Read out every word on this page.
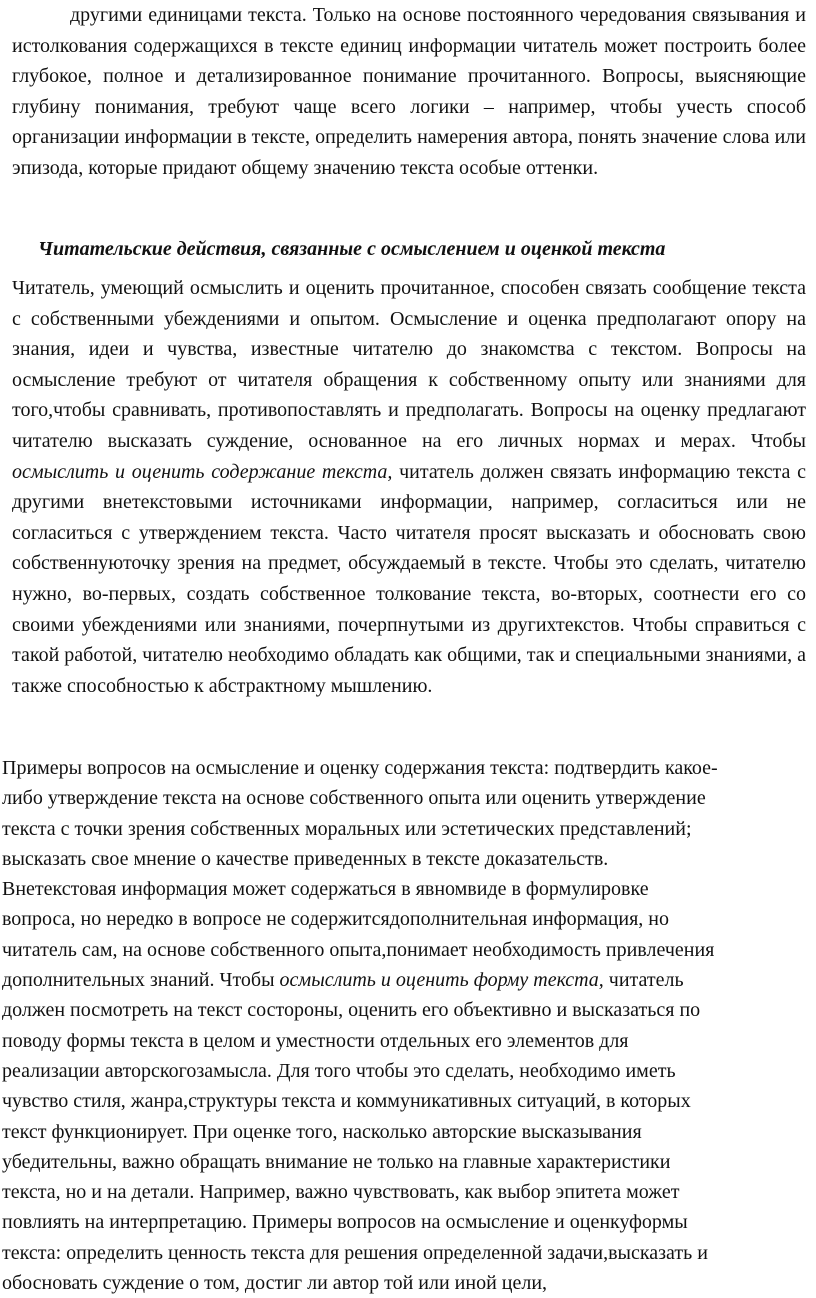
другими единицами текста. Только на основе постоянного чередования связывания и истолкования содержащихся в тексте единиц информации читатель может построить более глубокое, полное и детализированное понимание прочитанного. Вопросы, выясняющие глубину понимания, требуют чаще всего логики – например, чтобы учесть способ организации информации в тексте, определить намерения автора, понять значение слова или эпизода, которые придают общему значению текста особые оттенки.

Читательские действия, связанные с осмыслением и оценкой текста

Читатель, умеющий осмыслить и оценить прочитанное, способен связать сообщение текста с собственными убеждениями и опытом. Осмысление и оценка предполагают опору на знания, идеи и чувства, известные читателю до знакомства с текстом. Вопросы на осмысление требуют от читателя обращения к собственному опыту или знаниями для того,чтобы сравнивать, противопоставлять и предполагать. Вопросы на оценку предлагают читателю высказать суждение, основанное на его личных нормах и мерах. Чтобы осмыслить и оценить содержание текста, читатель должен связать информацию текста с другими внетекстовыми источниками информации, например, согласиться или не согласиться с утверждением текста. Часто читателя просят высказать и обосновать свою собственнуюточку зрения на предмет, обсуждаемый в тексте. Чтобы это сделать, читателю нужно, во-первых, создать собственное толкование текста, во-вторых, соотнести его со своими убеждениями или знаниями, почерпнутыми из другихтекстов. Чтобы справиться с такой работой, читателю необходимо обладать как общими, так и специальными знаниями, а также способностью к абстрактному мышлению.

Примеры вопросов на осмысление и оценку содержания текста: подтвердить какое-
либо утверждение текста на основе собственного опыта или оценить утверждение
текста с точки зрения собственных моральных или эстетических представлений;
высказать свое мнение о качестве приведенных в тексте доказательств.
Внетекстовая информация может содержаться в явномвиде в формулировке
вопроса, но нередко в вопросе не содержитсядополнительная информация, но
читатель сам, на основе собственного опыта,понимает необходимость привлечения
дополнительных знаний. Чтобы осмыслить и оценить форму текста, читатель
должен посмотреть на текст состороны, оценить его объективно и высказаться по
поводу формы текста в целом и уместности отдельных его элементов для
реализации авторскогозамысла. Для того чтобы это сделать, необходимо иметь
чувство стиля, жанра,структуры текста и коммуникативных ситуаций, в которых
текст функционирует. При оценке того, насколько авторские высказывания
убедительны, важно обращать внимание не только на главные характеристики
текста, но и на детали. Например, важно чувствовать, как выбор эпитета может
повлиять на интерпретацию. Примеры вопросов на осмысление и оценкуформы
текста: определить ценность текста для решения определенной задачи,высказать и
обосновать суждение о том, достиг ли автор той или иной цели,
